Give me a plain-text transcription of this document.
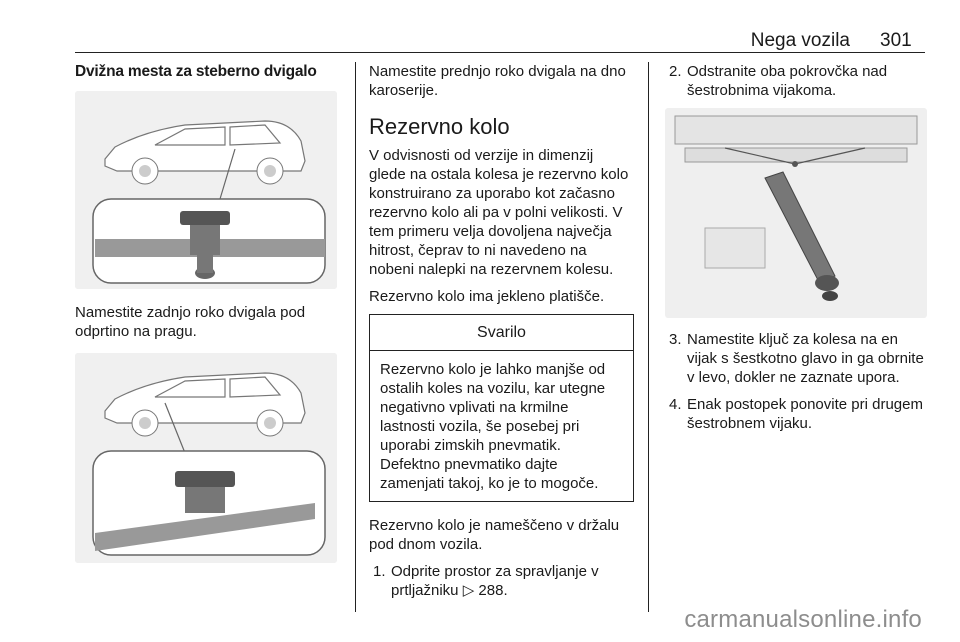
Nega vozila 301
Dvižna mesta za steberno dvigalo

Namestite zadnjo roko dvigala pod odprtino na pragu.

Namestite prednjo roko dvigala na dno karoserije.

Rezervno kolo

V odvisnosti od verzije in dimenzij glede na ostala kolesa je rezervno kolo konstruirano za uporabo kot začasno rezervno kolo ali pa v polni velikosti. V tem primeru velja dovoljena največja hitrost, čeprav to ni navedeno na nobeni nalepki na rezervnem kolesu.

Rezervno kolo ima jekleno platišče.

Svarilo
Rezervno kolo je lahko manjše od ostalih koles na vozilu, kar utegne negativno vplivati na krmilne lastnosti vozila, še posebej pri uporabi zimskih pnevmatik. Defektno pnevmatiko dajte zamenjati takoj, ko je to mogoče.

Rezervno kolo je nameščeno v držalu pod dnom vozila.

1. Odprite prostor za spravljanje v prtljažniku ▷ 288.
2. Odstranite oba pokrovčka nad šestrobnima vijakoma.
3. Namestite ključ za kolesa na en vijak s šestkotno glavo in ga obrnite v levo, dokler ne zaznate upora.
4. Enak postopek ponovite pri drugem šestrobnem vijaku.
carmanualsonline.info
